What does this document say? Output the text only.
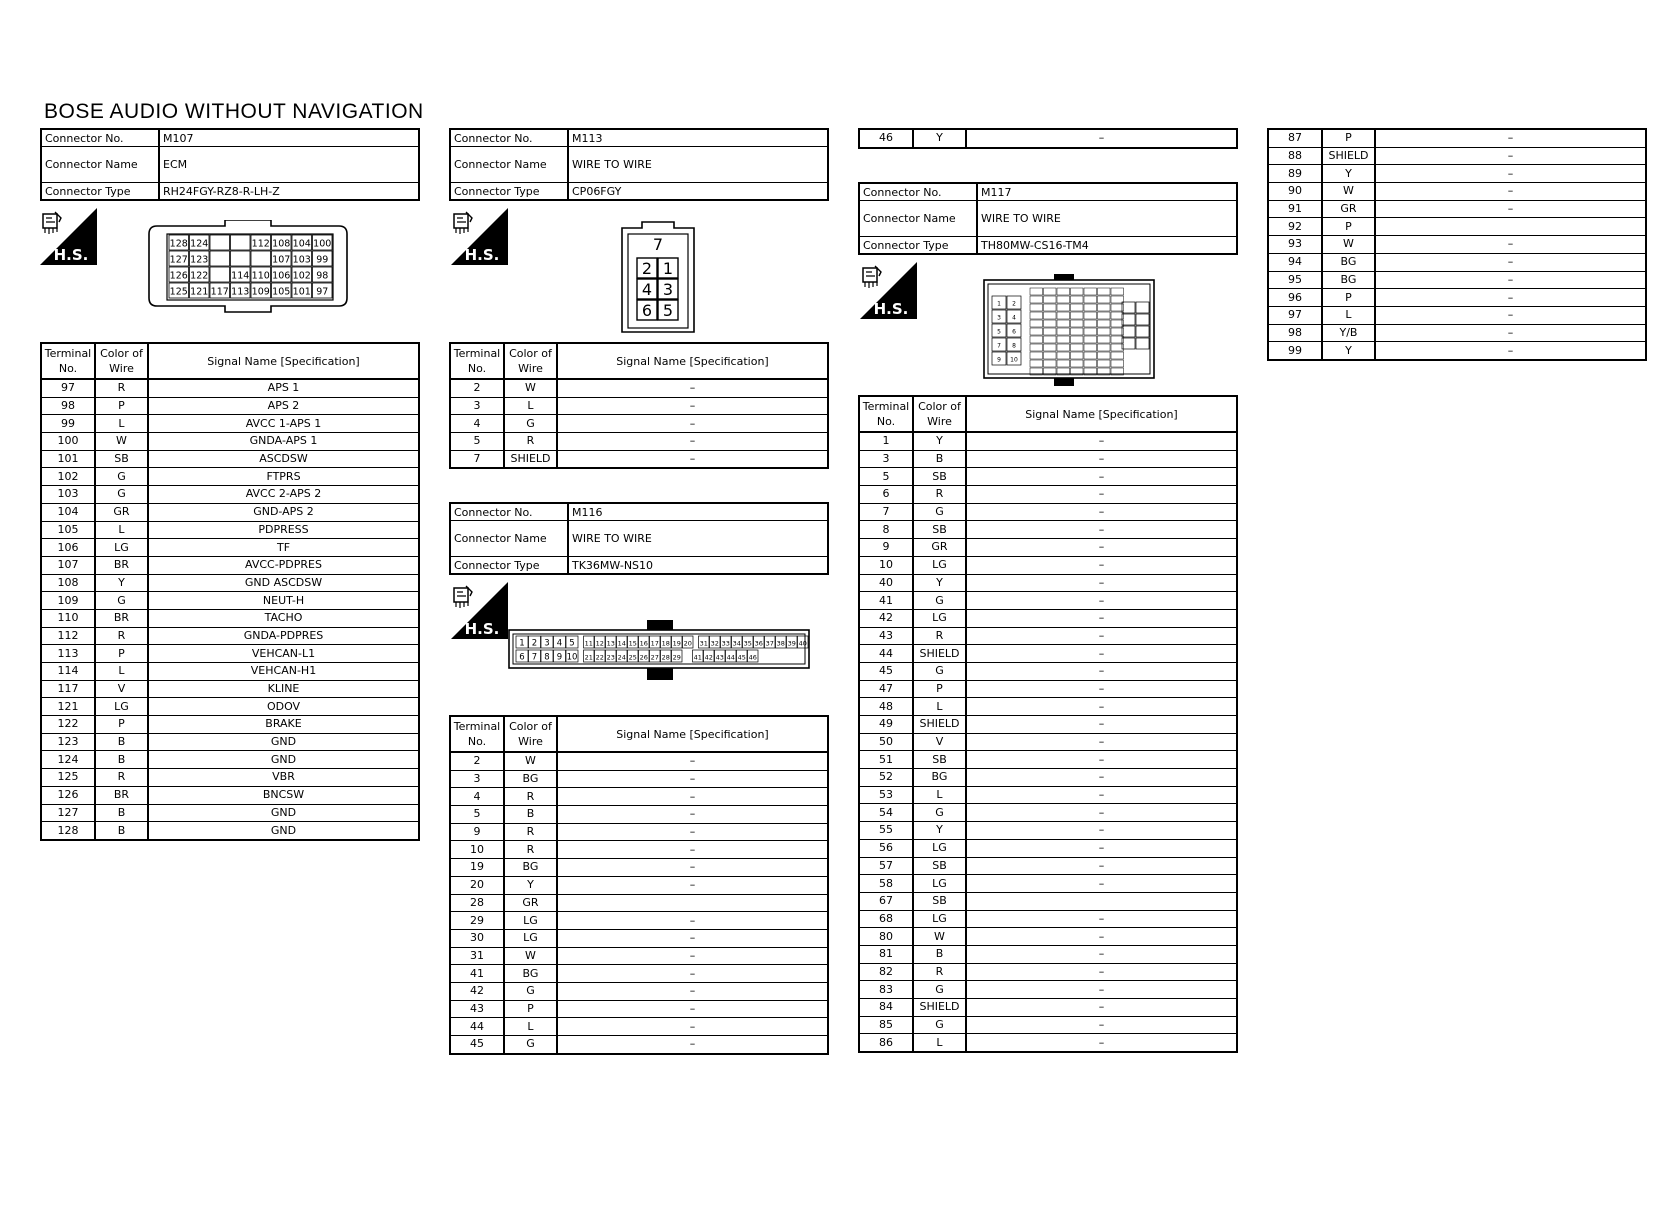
BOSE AUDIO WITHOUT NAVIGATION
Connector No.	M107
Connector Name	ECM
Connector Type	RH24FGY-RZ8-R-LH-Z
H.S.
128 124	112 108 104 100
127 123	107 103 99
126 122 114 110 106 102 98
125 121 117 113 109 105 101 97
Terminal No.	Color of Wire	Signal Name [Specification]
97	R	APS 1
98	P	APS 2
99	L	AVCC 1-APS 1
100	W	GNDA-APS 1
101	SB	ASCDSW
102	G	FTPRS
103	G	AVCC 2-APS 2
104	GR	GND-APS 2
105	L	PDPRESS
106	LG	TF
107	BR	AVCC-PDPRES
108	Y	GND ASCDSW
109	G	NEUT-H
110	BR	TACHO
112	R	GNDA-PDPRES
113	P	VEHCAN-L1
114	L	VEHCAN-H1
117	V	KLINE
121	LG	ODOV
122	P	BRAKE
123	B	GND
124	B	GND
125	R	VBR
126	BR	BNCSW
127	B	GND
128	B	GND
Connector No.	M113
Connector Name	WIRE TO WIRE
Connector Type	CP06FGY
H.S.
7
2 1
4 3
6 5
Terminal No.	Color of Wire	Signal Name [Specification]
2	W	–
3	L	–
4	G	–
5	R	–
7	SHIELD	–
Connector No.	M116
Connector Name	WIRE TO WIRE
Connector Type	TK36MW-NS10
H.S.
1 2 3 4 5 11 12 13 14 15 16 17 18 19 20 31 32 33 34 35 36 37 38 39 40
6 7 8 9 10 21 22 23 24 25 26 27 28 29 41 42 43 44 45 46
Terminal No.	Color of Wire	Signal Name [Specification]
2	W	–
3	BG	–
4	R	–
5	B	–
9	R	–
10	R	–
19	BG	–
20	Y	–
28	GR	
29	LG	–
30	LG	–
31	W	–
41	BG	–
42	G	–
43	P	–
44	L	–
45	G	–
46	Y	–
Connector No.	M117
Connector Name	WIRE TO WIRE
Connector Type	TH80MW-CS16-TM4
H.S.	1 2
3 4
5 6
7 8
9 10
Terminal No.	Color of Wire	Signal Name [Specification]
1	Y	–
3	B	–
5	SB	–
6	R	–
7	G	–
8	SB	–
9	GR	–
10	LG	–
40	Y	–
41	G	–
42	LG	–
43	R	–
44	SHIELD	–
45	G	–
47	P	–
48	L	–
49	SHIELD	–
50	V	–
51	SB	–
52	BG	–
53	L	–
54	G	–
55	Y	–
56	LG	–
57	SB	–
58	LG	–
67	SB	
68	LG	–
80	W	–
81	B	–
82	R	–
83	G	–
84	SHIELD	–
85	G	–
86	L	–
87	P	–
88	SHIELD	–
89	Y	–
90	W	–
91	GR	–
92	P	
93	W	–
94	BG	–
95	BG	–
96	P	–
97	L	–
98	Y/B	–
99	Y	–
